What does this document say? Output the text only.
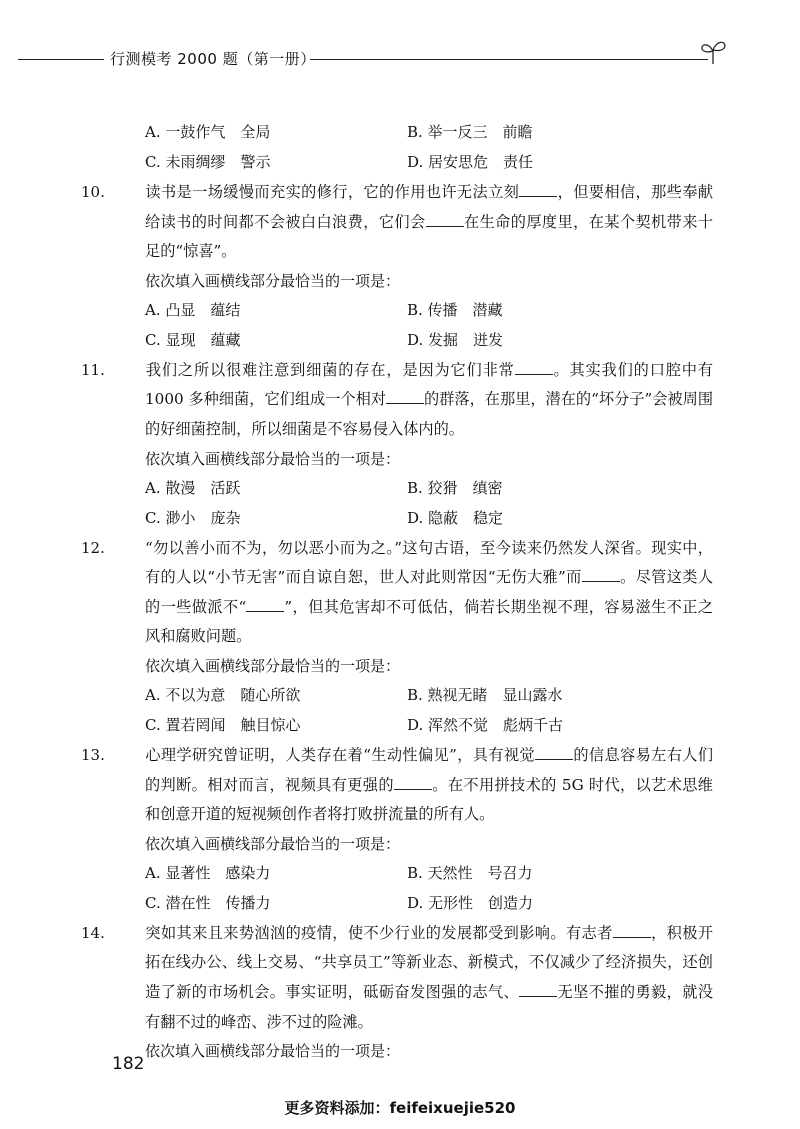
行测模考 2000 题（第一册）
A. 一鼓作气　全局	B. 举一反三　前瞻
C. 未雨绸缪　警示	D. 居安思危　责任
10.	读书是一场缓慢而充实的修行，它的作用也许无法立刻	，但要相信，那些奉献给读书的时间都不会被白白浪费，它们会	在生命的厚度里，在某个契机带来十足的“惊喜”。
依次填入画横线部分最恰当的一项是：
A. 凸显　蕴结	B. 传播　潜藏
C. 显现　蕴藏	D. 发掘　迸发
11.	我们之所以很难注意到细菌的存在，是因为它们非常	。其实我们的口腔中有 1000 多种细菌，它们组成一个相对	的群落，在那里，潜在的“坏分子”会被周围的好细菌控制，所以细菌是不容易侵入体内的。
依次填入画横线部分最恰当的一项是：
A. 散漫　活跃	B. 狡猾　缜密
C. 渺小　庞杂	D. 隐蔽　稳定
12.	“勿以善小而不为，勿以恶小而为之。”这句古语，至今读来仍然发人深省。现实中，有的人以“小节无害”而自谅自恕，世人对此则常因“无伤大雅”而	。尽管这类人的一些做派不“	”，但其危害却不可低估，倘若长期坐视不理，容易滋生不正之风和腐败问题。
依次填入画横线部分最恰当的一项是：
A. 不以为意　随心所欲	B. 熟视无睹　显山露水
C. 置若罔闻　触目惊心	D. 浑然不觉　彪炳千古
13.	心理学研究曾证明，人类存在着“生动性偏见”，具有视觉	的信息容易左右人们的判断。相对而言，视频具有更强的	。在不用拼技术的 5G 时代，以艺术思维和创意开道的短视频创作者将打败拼流量的所有人。
依次填入画横线部分最恰当的一项是：
A. 显著性　感染力	B. 天然性　号召力
C. 潜在性　传播力	D. 无形性　创造力
14.	突如其来且来势汹汹的疫情，使不少行业的发展都受到影响。有志者	，积极开拓在线办公、线上交易、“共享员工”等新业态、新模式，不仅减少了经济损失，还创造了新的市场机会。事实证明，砥砺奋发图强的志气、	无坚不摧的勇毅，就没有翻不过的峰峦、涉不过的险滩。
依次填入画横线部分最恰当的一项是：
182
更多资料添加：feifeixuejie520
